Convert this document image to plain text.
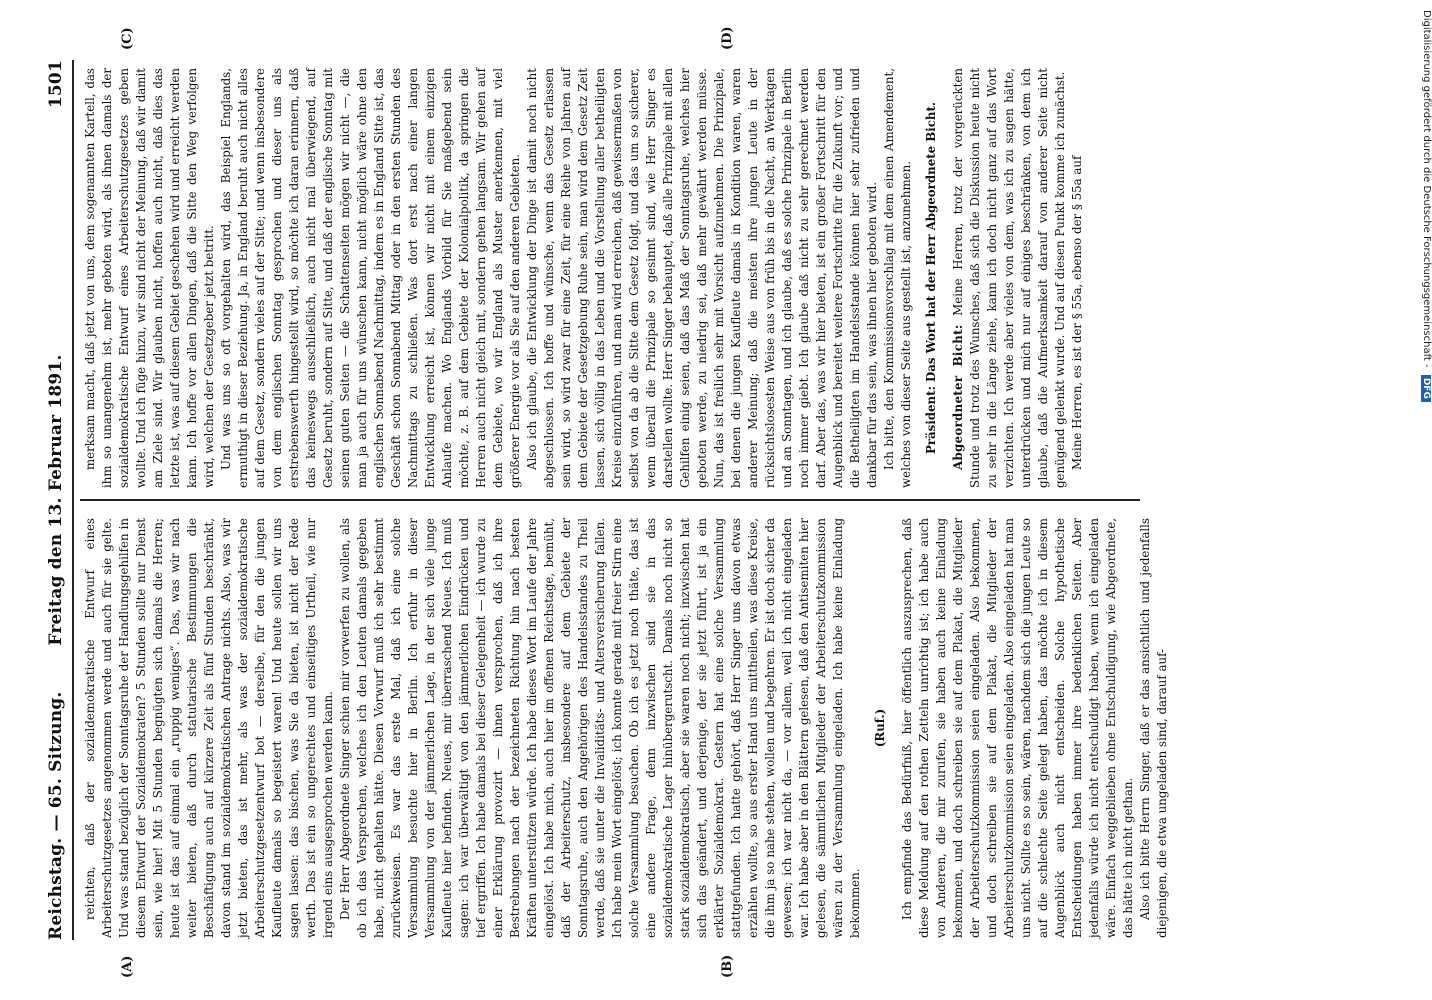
Reichstag. — 65. Sitzung.
Freitag den 13. Februar 1891.
1501
(A)	(B)
(C)	(D)

reichten, daß der sozialdemokratische Entwurf eines Arbeiterschutzgesetzes angenommen werde und auch für sie gelte. Und was stand bezüglich der Sonntagsruhe der Handlungsgehilfen in diesem Entwurf der Sozialdemokraten? 5 Stunden sollte nur Dienst sein, wie hier! Mit 5 Stunden begnügten sich damals die Herren; heute ist das auf einmal ein „ruppig weniges“. Das, was wir nach weiter bieten, daß durch statutarische Bestimmungen die Beschäftigung auch auf kürzere Zeit als fünf Stunden beschränkt, davon stand im sozialdemokratischen Antrage nichts. Also, was wir jetzt bieten, das ist mehr, als was der sozialdemokratische Arbeiterschutzgesetzentwurf bot — derselbe, für den die jungen Kaufleute damals so begeistert waren! Und heute sollen wir uns sagen lassen: das bischen, was Sie da bieten, ist nicht der Rede werth. Das ist ein so ungerechtes und einseitiges Urtheil, wie nur irgend eins ausgesprochen werden kann. Der Herr Abgeordnete Singer schien mir vorwerfen zu wollen, als ob ich das Versprechen, welches ich den Leuten damals gegeben habe, nicht gehalten hätte. Diesen Vorwurf muß ich sehr bestimmt zurückweisen. Es war das erste Mal, daß ich eine solche Versammlung besuchte hier in Berlin. Ich erfuhr in dieser Versammlung von der jämmerlichen Lage, in der sich viele junge Kaufleute hier befinden. Neues, mir überraschend Neues. Ich muß sagen: ich war überwältigt von den jämmerlichen Eindrücken und tief ergriffen. Ich habe damals bei dieser Gelegenheit — ich wurde zu einer Erklärung provozirt — ihnen versprochen, daß ich ihre Bestrebungen nach der bezeichneten Richtung hin nach besten Kräften unterstützen würde. Ich habe dieses Wort im Laufe der Jahre eingelöst. Ich habe mich, auch hier im offenen Reichstage, bemüht, daß der Arbeiterschutz, insbesondere auf dem Gebiete der Sonntagsruhe, auch den Angehörigen des Handelsstandes zu Theil werde, daß sie unter die Invaliditäts- und Altersversicherung fallen. Ich habe mein Wort eingelöst; ich konnte gerade mit freier Stirn eine solche Versammlung besuchen. Ob ich es jetzt noch thäte, das ist eine andere Frage, denn inzwischen sind sie in das sozialdemokratische Lager hinübergerutscht. Damals noch nicht so stark sozialdemokratisch, aber sie waren noch nicht; inzwischen hat sich das geändert, und derjenige, der sie jetzt führt, ist ja ein erklärter Sozialdemokrat. Gestern hat eine solche Versammlung stattgefunden. Ich hatte gehört, daß Herr Singer uns davon etwas erzählen wollte, so aus erster Hand uns mittheilen, was diese Kreise, die ihm ja so nahe stehen, wollen und begehren. Er ist doch sicher da gewesen; ich war nicht da, — vor allem, weil ich nicht eingeladen war. Ich habe aber in den Blättern gelesen, daß den Antisemiten hier gelesen, die sämmtlichen Mitglieder der Arbeiterschutzkommission wären zu der Versammlung eingeladen. Ich habe keine Einladung bekommen.

(Ruf.) Ich empfinde das Bedürfniß, hier öffentlich auszusprechen, daß diese Meldung auf den rothen Zetteln unrichtig ist; ich habe auch von Anderen, die mir zurufen, sie haben auch keine Einladung bekommen, und doch schreiben sie auf dem Plakat, die Mitglieder der Arbeiterschutzkommission seien eingeladen. Also bekommen, und doch schreiben sie auf dem Plakat, die Mitglieder der Arbeiterschutzkommission seien eingeladen. Also eingeladen hat man uns nicht. Sollte es so sein, wären, nachdem sich die jungen Leute so auf die schlechte Seite gelegt haben, das möchte ich in diesem Augenblick auch nicht entscheiden. Solche hypothetische Entscheidungen haben immer ihre bedenklichen Seiten. Aber jedenfalls würde ich nicht entschuldigt haben, wenn ich eingeladen wäre. Einfach weggeblieben ohne Entschuldigung, wie Abgeordnete, das hätte ich nicht gethan. Also ich bitte Herrn Singer, daß er das ansichtlich und jedenfalls diejenigen, die etwa ungeladen sind, darauf auf-

merksam macht, daß jetzt von uns, dem sogenannten Kartell, das ihm so unangenehm ist, mehr geboten wird, als ihnen damals der sozialdemokratische Entwurf eines Arbeiterschutzgesetzes geben wollte. Und ich füge hinzu, wir sind nicht der Meinung, daß wir damit am Ziele sind. Wir glauben nicht, hoffen auch nicht, daß dies das letzte ist, was auf diesem Gebiet geschehen wird und erreicht werden kann. Ich hoffe vor allen Dingen, daß die Sitte den Weg verfolgen wird, welchen der Gesetzgeber jetzt betritt. Und was uns so oft vorgehalten wird, das Beispiel Englands, ermuthigt in dieser Beziehung. Ja, in England beruht auch nicht alles auf dem Gesetz, sondern vieles auf der Sitte; und wenn insbesondere von dem englischen Sonntag gesprochen und dieser uns als erstrebenswerth hingestellt wird, so möchte ich daran erinnern, daß das keineswegs ausschließlich, auch nicht mal überwiegend, auf Gesetz beruht, sondern auf Sitte, und daß der englische Sonntag mit seinen guten Seiten — die Schattenseiten mögen wir nicht —, die man ja auch für uns wünschen kann, nicht möglich wäre ohne den englischen Sonnabend Nachmittag, indem es in England Sitte ist, das Geschäft schon Sonnabend Mittag oder in den ersten Stunden des Nachmittags zu schließen. Was dort erst nach einer langen Entwicklung erreicht ist, können wir nicht mit einem einzigen Anlaufe machen. Wo Englands Vorbild für Sie maßgebend sein möchte, z. B. auf dem Gebiete der Kolonialpolitik, da springen die Herren auch nicht gleich mit, sondern gehen langsam. Wir gehen auf dem Gebiete, wo wir England als Muster anerkennen, mit viel größerer Energie vor als Sie auf den anderen Gebieten. Also ich glaube, die Entwicklung der Dinge ist damit noch nicht abgeschlossen. Ich hoffe und wünsche, wenn das Gesetz erlassen sein wird, so wird zwar für eine Zeit, für eine Reihe von Jahren auf dem Gebiete der Gesetzgebung Ruhe sein, man wird dem Gesetz Zeit lassen, sich völlig in das Leben und die Vorstellung aller betheiligten Kreise einzuführen, und man wird erreichen, daß gewissermaßen von selbst von da ab die Sitte dem Gesetz folgt, und das um so sicherer, wenn überall die Prinzipale so gesinnt sind, wie Herr Singer es darstellen wollte. Herr Singer behauptet, daß alle Prinzipale mit allen Gehilfen einig seien, daß das Maß der Sonntagsruhe, welches hier geboten werde, zu niedrig sei, daß mehr gewährt werden müsse. Nun, das ist freilich sehr mit Vorsicht aufzunehmen. Die Prinzipale, bei denen die jungen Kaufleute damals in Kondition waren, waren anderer Meinung; daß die meisten ihre jungen Leute in der rücksichtslosesten Weise aus von früh bis in die Nacht, an Werktagen und an Sonntagen, und ich glaube, daß es solche Prinzipale in Berlin noch immer giebt. Ich glaube daß nicht zu sehr gerechnet werden darf. Aber das, was wir hier bieten, ist ein großer Fortschritt für den Augenblick und bereitet weitere Fortschritte für die Zukunft vor; und die Betheiligten im Handelsstande können hier sehr zufrieden und dankbar für das sein, was ihnen hier geboten wird. Ich bitte, den Kommissionsvorschlag mit dem einen Amendement, welches von dieser Seite aus gestellt ist, anzunehmen. Präsident: Das Wort hat der Herr Abgeordnete Bicht. Abgeordneter Bicht: Meine Herren, trotz der vorgerückten Stunde und trotz des Wunsches, daß sich die Diskussion heute nicht zu sehr in die Länge ziehe, kann ich doch nicht ganz auf das Wort verzichten. Ich werde aber vieles von dem, was ich zu sagen hätte, unterdrücken und mich nur auf einiges beschränken, von dem ich glaube, daß die Aufmerksamkeit darauf von anderer Seite nicht genügend gelenkt wurde. Und auf diesen Punkt komme ich zunächst. Meine Herren, es ist der § 55a, ebenso der § 55a auf	Digitalisierung gefördert durch die Deutsche Forschungsgemeinschaft - DFG
